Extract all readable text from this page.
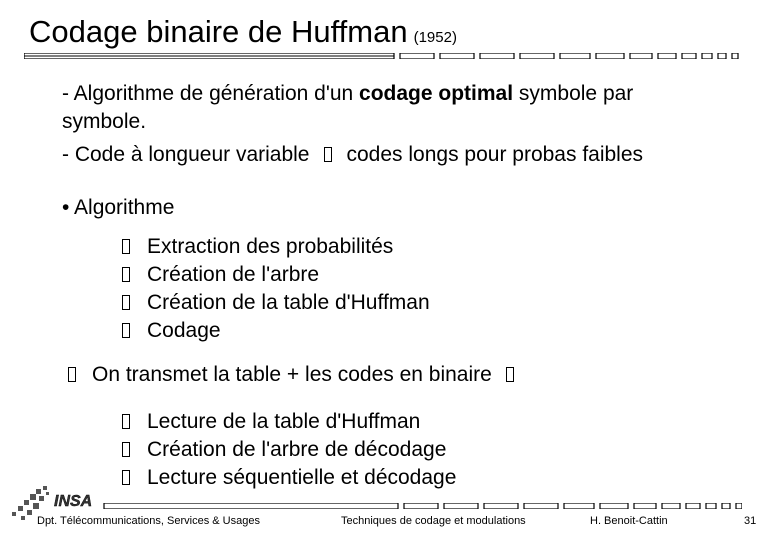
Codage binaire de Huffman (1952)
- Algorithme de génération d'un codage optimal symbole par
symbole.
- Code à longueur variable codes longs pour probas faibles
• Algorithme
Extraction des probabilités
Création de l'arbre
Création de la table d'Huffman
Codage
On transmet la table + les codes en binaire
Lecture de la table d'Huffman
Création de l'arbre de décodage
Lecture séquentielle et décodage
INSA
Dpt. Télécommunications, Services & Usages	Techniques de codage et modulations	H. Benoit-Cattin	31
